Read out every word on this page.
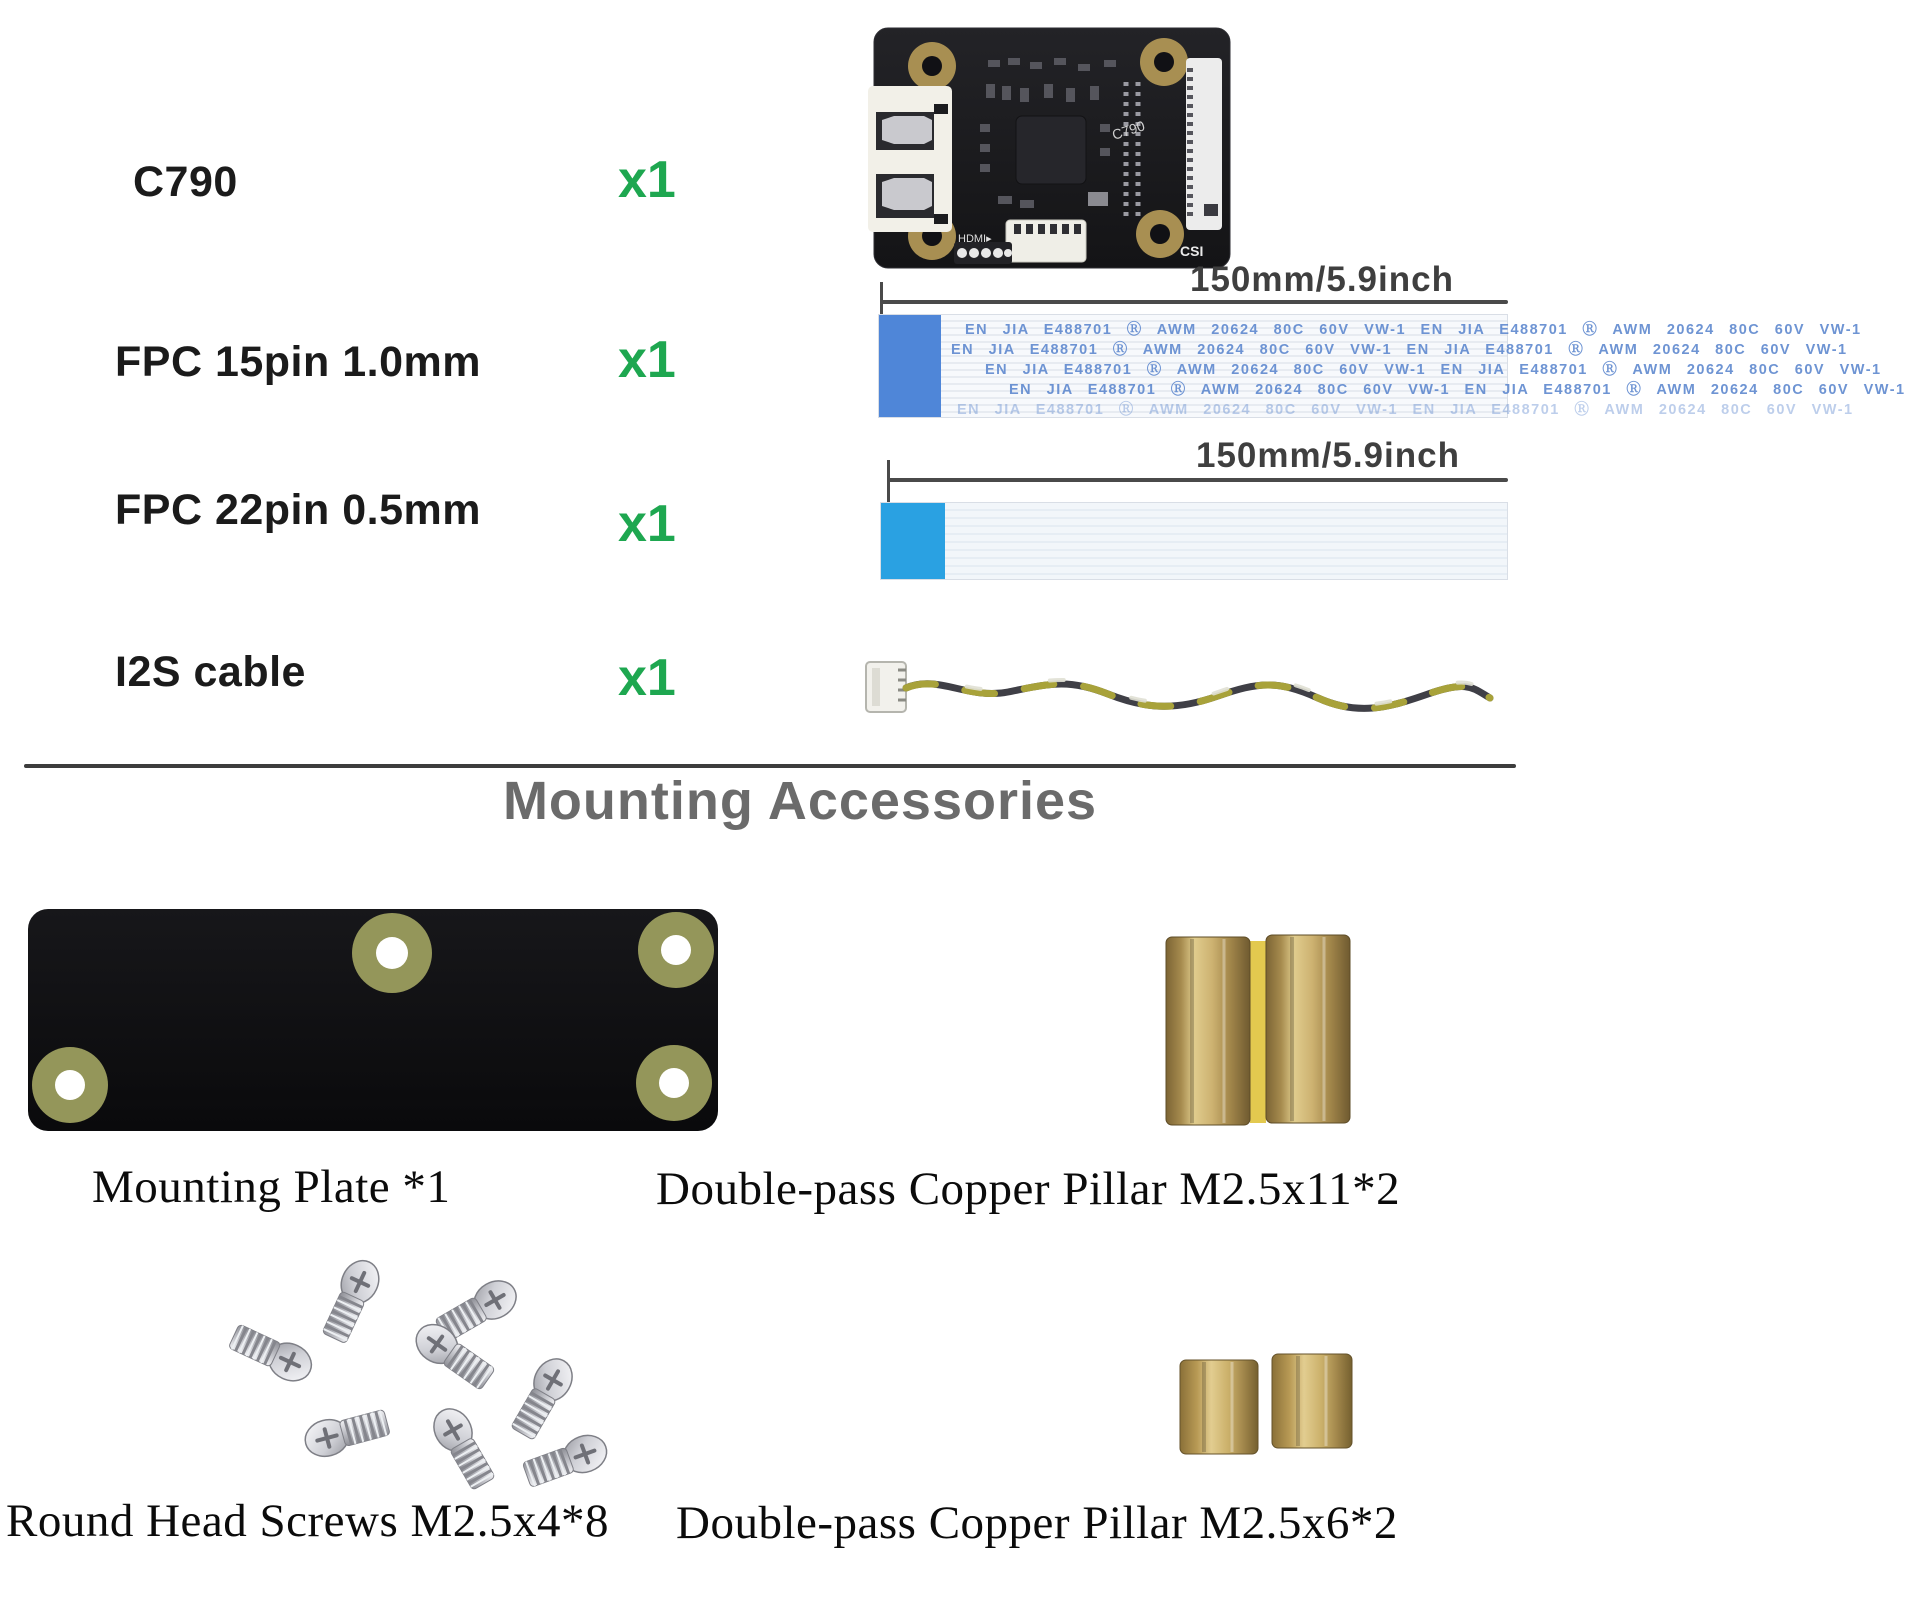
C790	x1
FPC 15pin 1.0mm	x1
FPC 22pin 0.5mm	x1
I2S cable	x1
C790
HDMI▸
CSI
150mm/5.9inch
EN JIA E488701 Ⓡ AWM 20624 80C 60V VW-1 EN JIA E488701 Ⓡ AWM 20624 80C 60V VW-1
EN JIA E488701 Ⓡ AWM 20624 80C 60V VW-1 EN JIA E488701 Ⓡ AWM 20624 80C 60V VW-1
EN JIA E488701 Ⓡ AWM 20624 80C 60V VW-1 EN JIA E488701 Ⓡ AWM 20624 80C 60V VW-1
EN JIA E488701 Ⓡ AWM 20624 80C 60V VW-1 EN JIA E488701 Ⓡ AWM 20624 80C 60V VW-1
EN JIA E488701 Ⓡ AWM 20624 80C 60V VW-1 EN JIA E488701 Ⓡ AWM 20624 80C 60V VW-1
150mm/5.9inch
Mounting Accessories
Mounting Plate *1	Double-pass Copper Pillar M2.5x11*2
Round Head Screws M2.5x4*8 Double-pass Copper Pillar M2.5x6*2
